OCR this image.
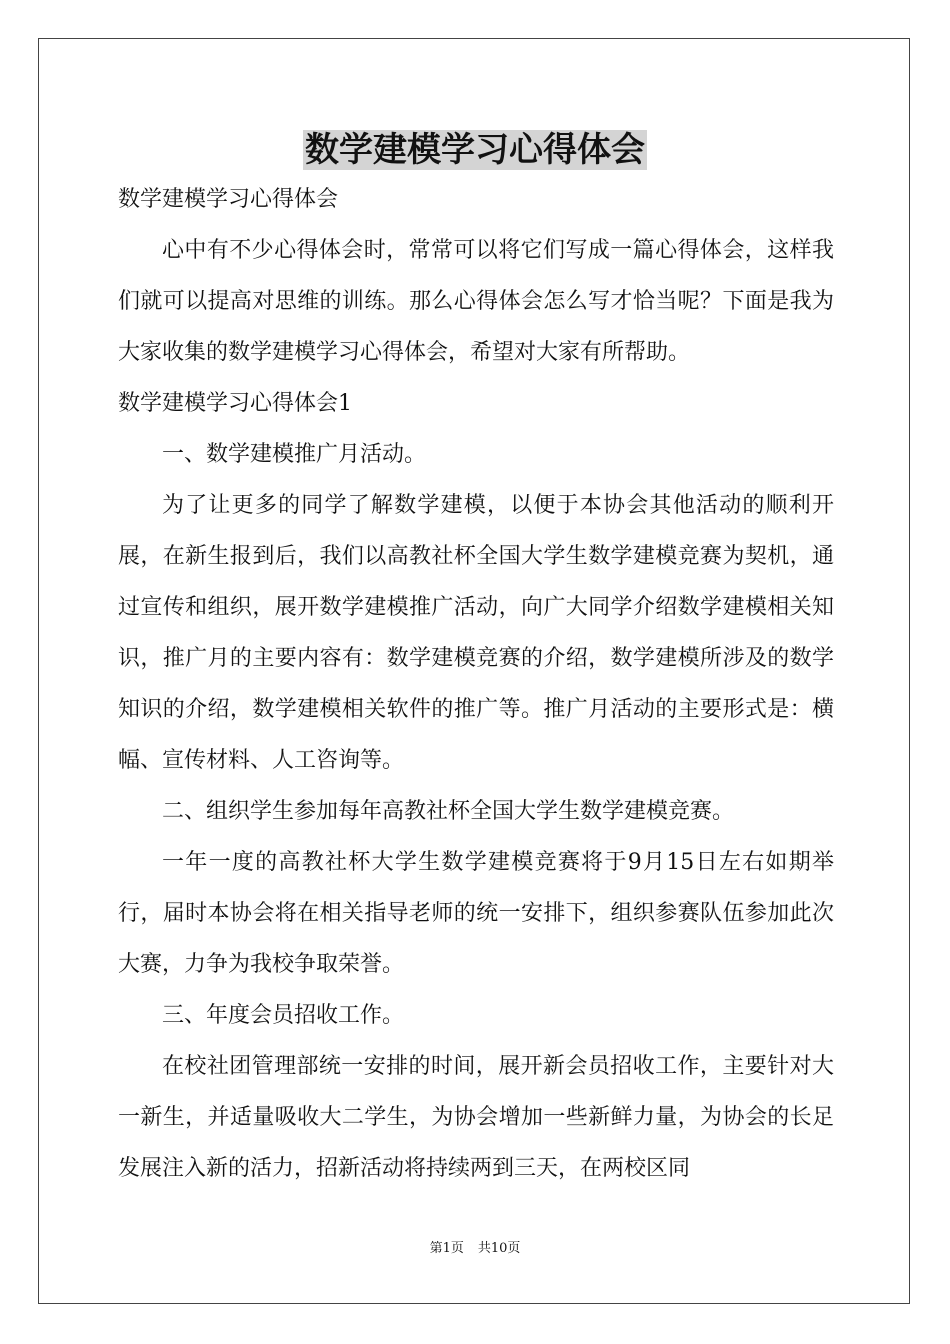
数学建模学习心得体会

数学建模学习心得体会

心中有不少心得体会时，常常可以将它们写成一篇心得体会，这样我们就可以提高对思维的训练。那么心得体会怎么写才恰当呢？下面是我为大家收集的数学建模学习心得体会，希望对大家有所帮助。

数学建模学习心得体会1

一、数学建模推广月活动。

为了让更多的同学了解数学建模，以便于本协会其他活动的顺利开展，在新生报到后，我们以高教社杯全国大学生数学建模竞赛为契机，通过宣传和组织，展开数学建模推广活动，向广大同学介绍数学建模相关知识，推广月的主要内容有：数学建模竞赛的介绍，数学建模所涉及的数学知识的介绍，数学建模相关软件的推广等。推广月活动的主要形式是：横幅、宣传材料、人工咨询等。

二、组织学生参加每年高教社杯全国大学生数学建模竞赛。

一年一度的高教社杯大学生数学建模竞赛将于9月15日左右如期举行，届时本协会将在相关指导老师的统一安排下，组织参赛队伍参加此次大赛，力争为我校争取荣誉。

三、年度会员招收工作。

在校社团管理部统一安排的时间，展开新会员招收工作，主要针对大一新生，并适量吸收大二学生，为协会增加一些新鲜力量，为协会的长足发展注入新的活力，招新活动将持续两到三天，在两校区同

第1页 共10页
